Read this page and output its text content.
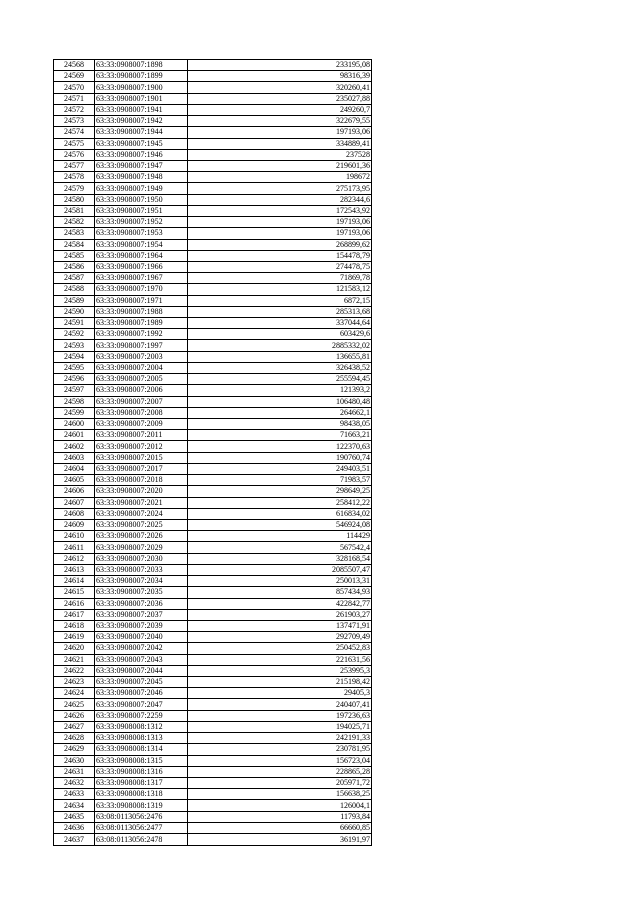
24568	63:33:0908007:1898	233195,08
24569	63:33:0908007:1899	98316,39
24570	63:33:0908007:1900	320260,41
24571	63:33:0908007:1901	235027,88
24572	63:33:0908007:1941	249260,7
24573	63:33:0908007:1942	322679,55
24574	63:33:0908007:1944	197193,06
24575	63:33:0908007:1945	334889,41
24576	63:33:0908007:1946	237528
24577	63:33:0908007:1947	219601,36
24578	63:33:0908007:1948	198672
24579	63:33:0908007:1949	275173,95
24580	63:33:0908007:1950	282344,6
24581	63:33:0908007:1951	172543,92
24582	63:33:0908007:1952	197193,06
24583	63:33:0908007:1953	197193,06
24584	63:33:0908007:1954	268899,62
24585	63:33:0908007:1964	154478,79
24586	63:33:0908007:1966	274478,75
24587	63:33:0908007:1967	71869,78
24588	63:33:0908007:1970	121583,12
24589	63:33:0908007:1971	6872,15
24590	63:33:0908007:1988	285313,68
24591	63:33:0908007:1989	337044,64
24592	63:33:0908007:1992	603429,6
24593	63:33:0908007:1997	2885332,02
24594	63:33:0908007:2003	136655,81
24595	63:33:0908007:2004	326438,52
24596	63:33:0908007:2005	255594,45
24597	63:33:0908007:2006	121393,2
24598	63:33:0908007:2007	106480,48
24599	63:33:0908007:2008	264662,1
24600	63:33:0908007:2009	98438,05
24601	63:33:0908007:2011	71663,21
24602	63:33:0908007:2012	122370,63
24603	63:33:0908007:2015	190760,74
24604	63:33:0908007:2017	249403,51
24605	63:33:0908007:2018	71983,57
24606	63:33:0908007:2020	298649,25
24607	63:33:0908007:2021	258412,22
24608	63:33:0908007:2024	616834,02
24609	63:33:0908007:2025	546924,08
24610	63:33:0908007:2026	114429
24611	63:33:0908007:2029	567542,4
24612	63:33:0908007:2030	328168,54
24613	63:33:0908007:2033	2085507,47
24614	63:33:0908007:2034	250013,31
24615	63:33:0908007:2035	857434,93
24616	63:33:0908007:2036	422842,77
24617	63:33:0908007:2037	261903,27
24618	63:33:0908007:2039	137471,91
24619	63:33:0908007:2040	292709,49
24620	63:33:0908007:2042	250452,83
24621	63:33:0908007:2043	221631,56
24622	63:33:0908007:2044	253995,3
24623	63:33:0908007:2045	215198,42
24624	63:33:0908007:2046	29405,3
24625	63:33:0908007:2047	240407,41
24626	63:33:0908007:2259	197236,63
24627	63:33:0908008:1312	194025,71
24628	63:33:0908008:1313	242191,33
24629	63:33:0908008:1314	230781,95
24630	63:33:0908008:1315	156723,04
24631	63:33:0908008:1316	228865,28
24632	63:33:0908008:1317	205971,72
24633	63:33:0908008:1318	156638,25
24634	63:33:0908008:1319	126004,1
24635	63:08:0113056:2476	11793,84
24636	63:08:0113056:2477	66660,85
24637	63:08:0113056:2478	36191,97
